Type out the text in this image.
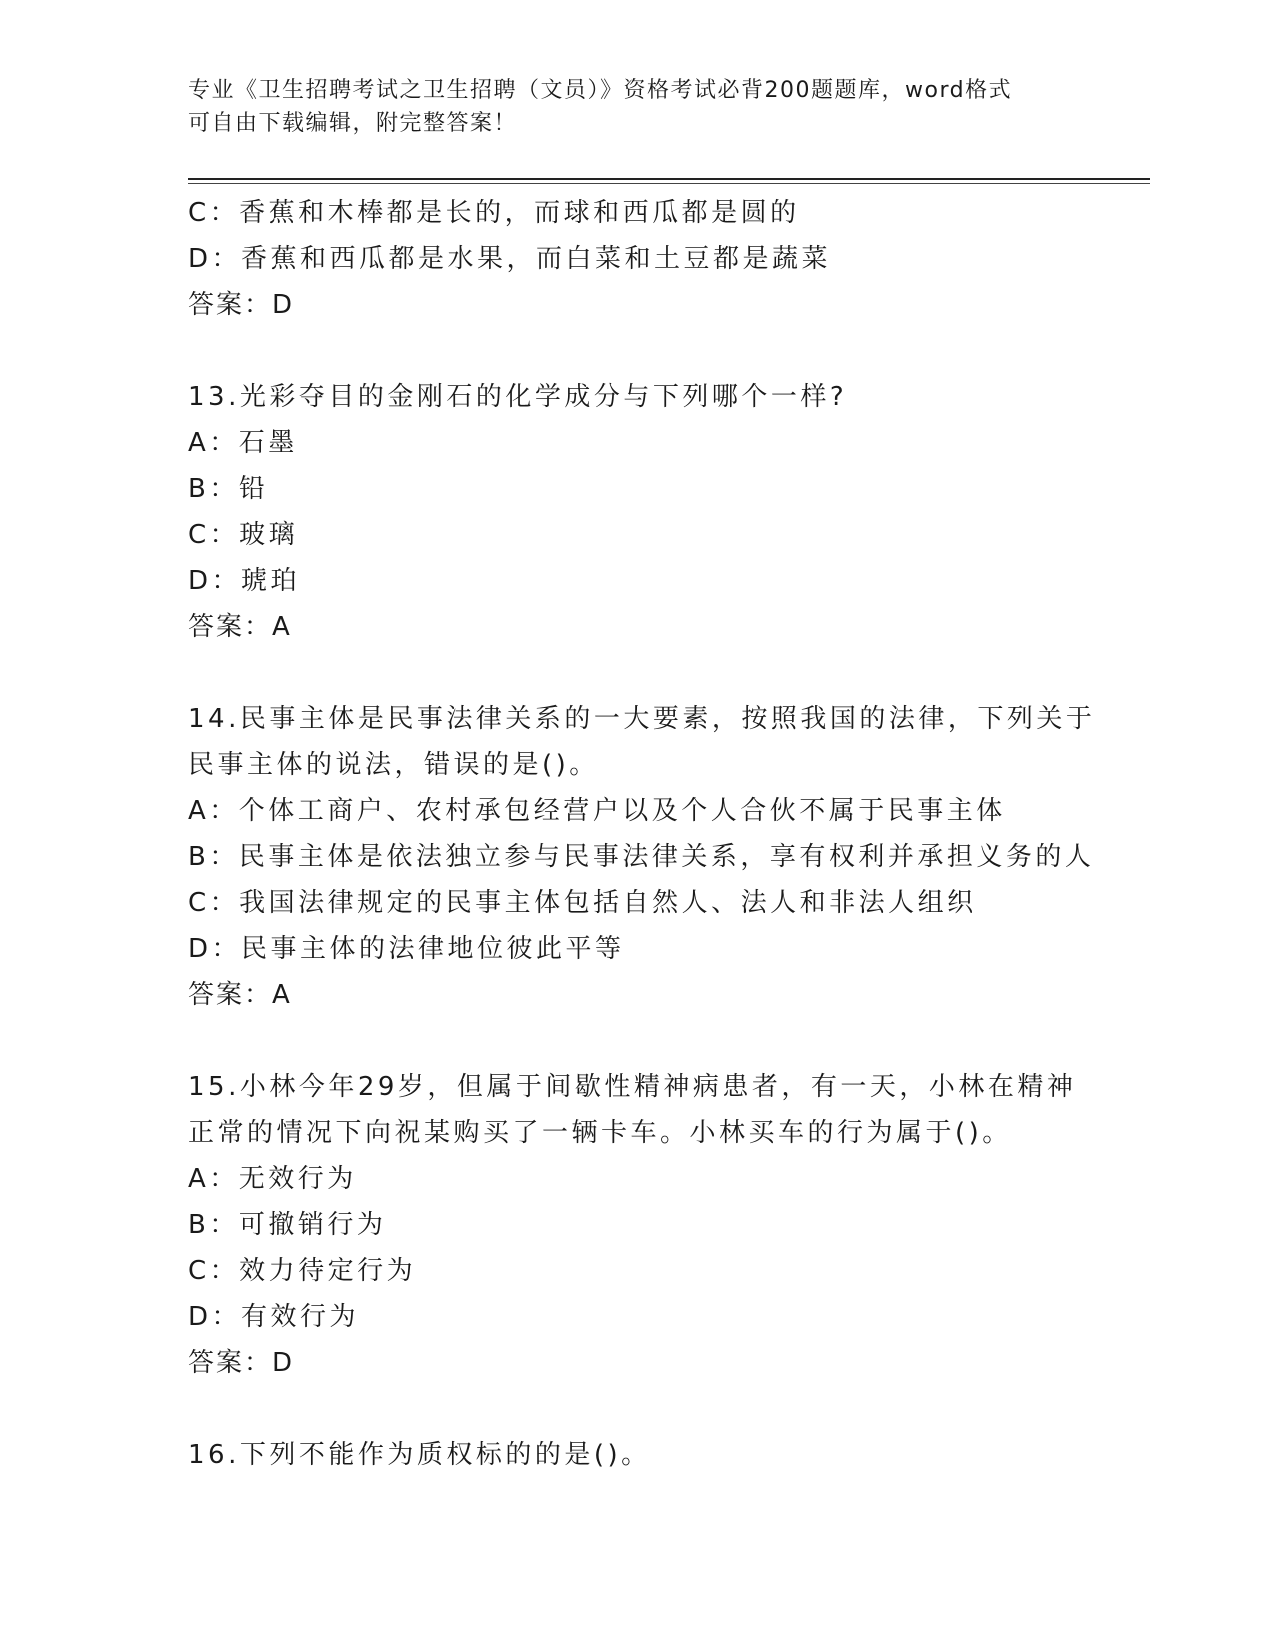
专业《卫生招聘考试之卫生招聘（文员）》资格考试必背200题题库，word格式
可自由下载编辑，附完整答案！
C：香蕉和木棒都是长的，而球和西瓜都是圆的
D：香蕉和西瓜都是水果，而白菜和土豆都是蔬菜
答案：D
13.光彩夺目的金刚石的化学成分与下列哪个一样?
A：石墨
B：铅
C：玻璃
D：琥珀
答案：A
14.民事主体是民事法律关系的一大要素，按照我国的法律，下列关于
民事主体的说法，错误的是()。
A：个体工商户、农村承包经营户以及个人合伙不属于民事主体
B：民事主体是依法独立参与民事法律关系，享有权利并承担义务的人
C：我国法律规定的民事主体包括自然人、法人和非法人组织
D：民事主体的法律地位彼此平等
答案：A
15.小林今年29岁，但属于间歇性精神病患者，有一天，小林在精神
正常的情况下向祝某购买了一辆卡车。小林买车的行为属于()。
A：无效行为
B：可撤销行为
C：效力待定行为
D：有效行为
答案：D
16.下列不能作为质权标的的是()。
